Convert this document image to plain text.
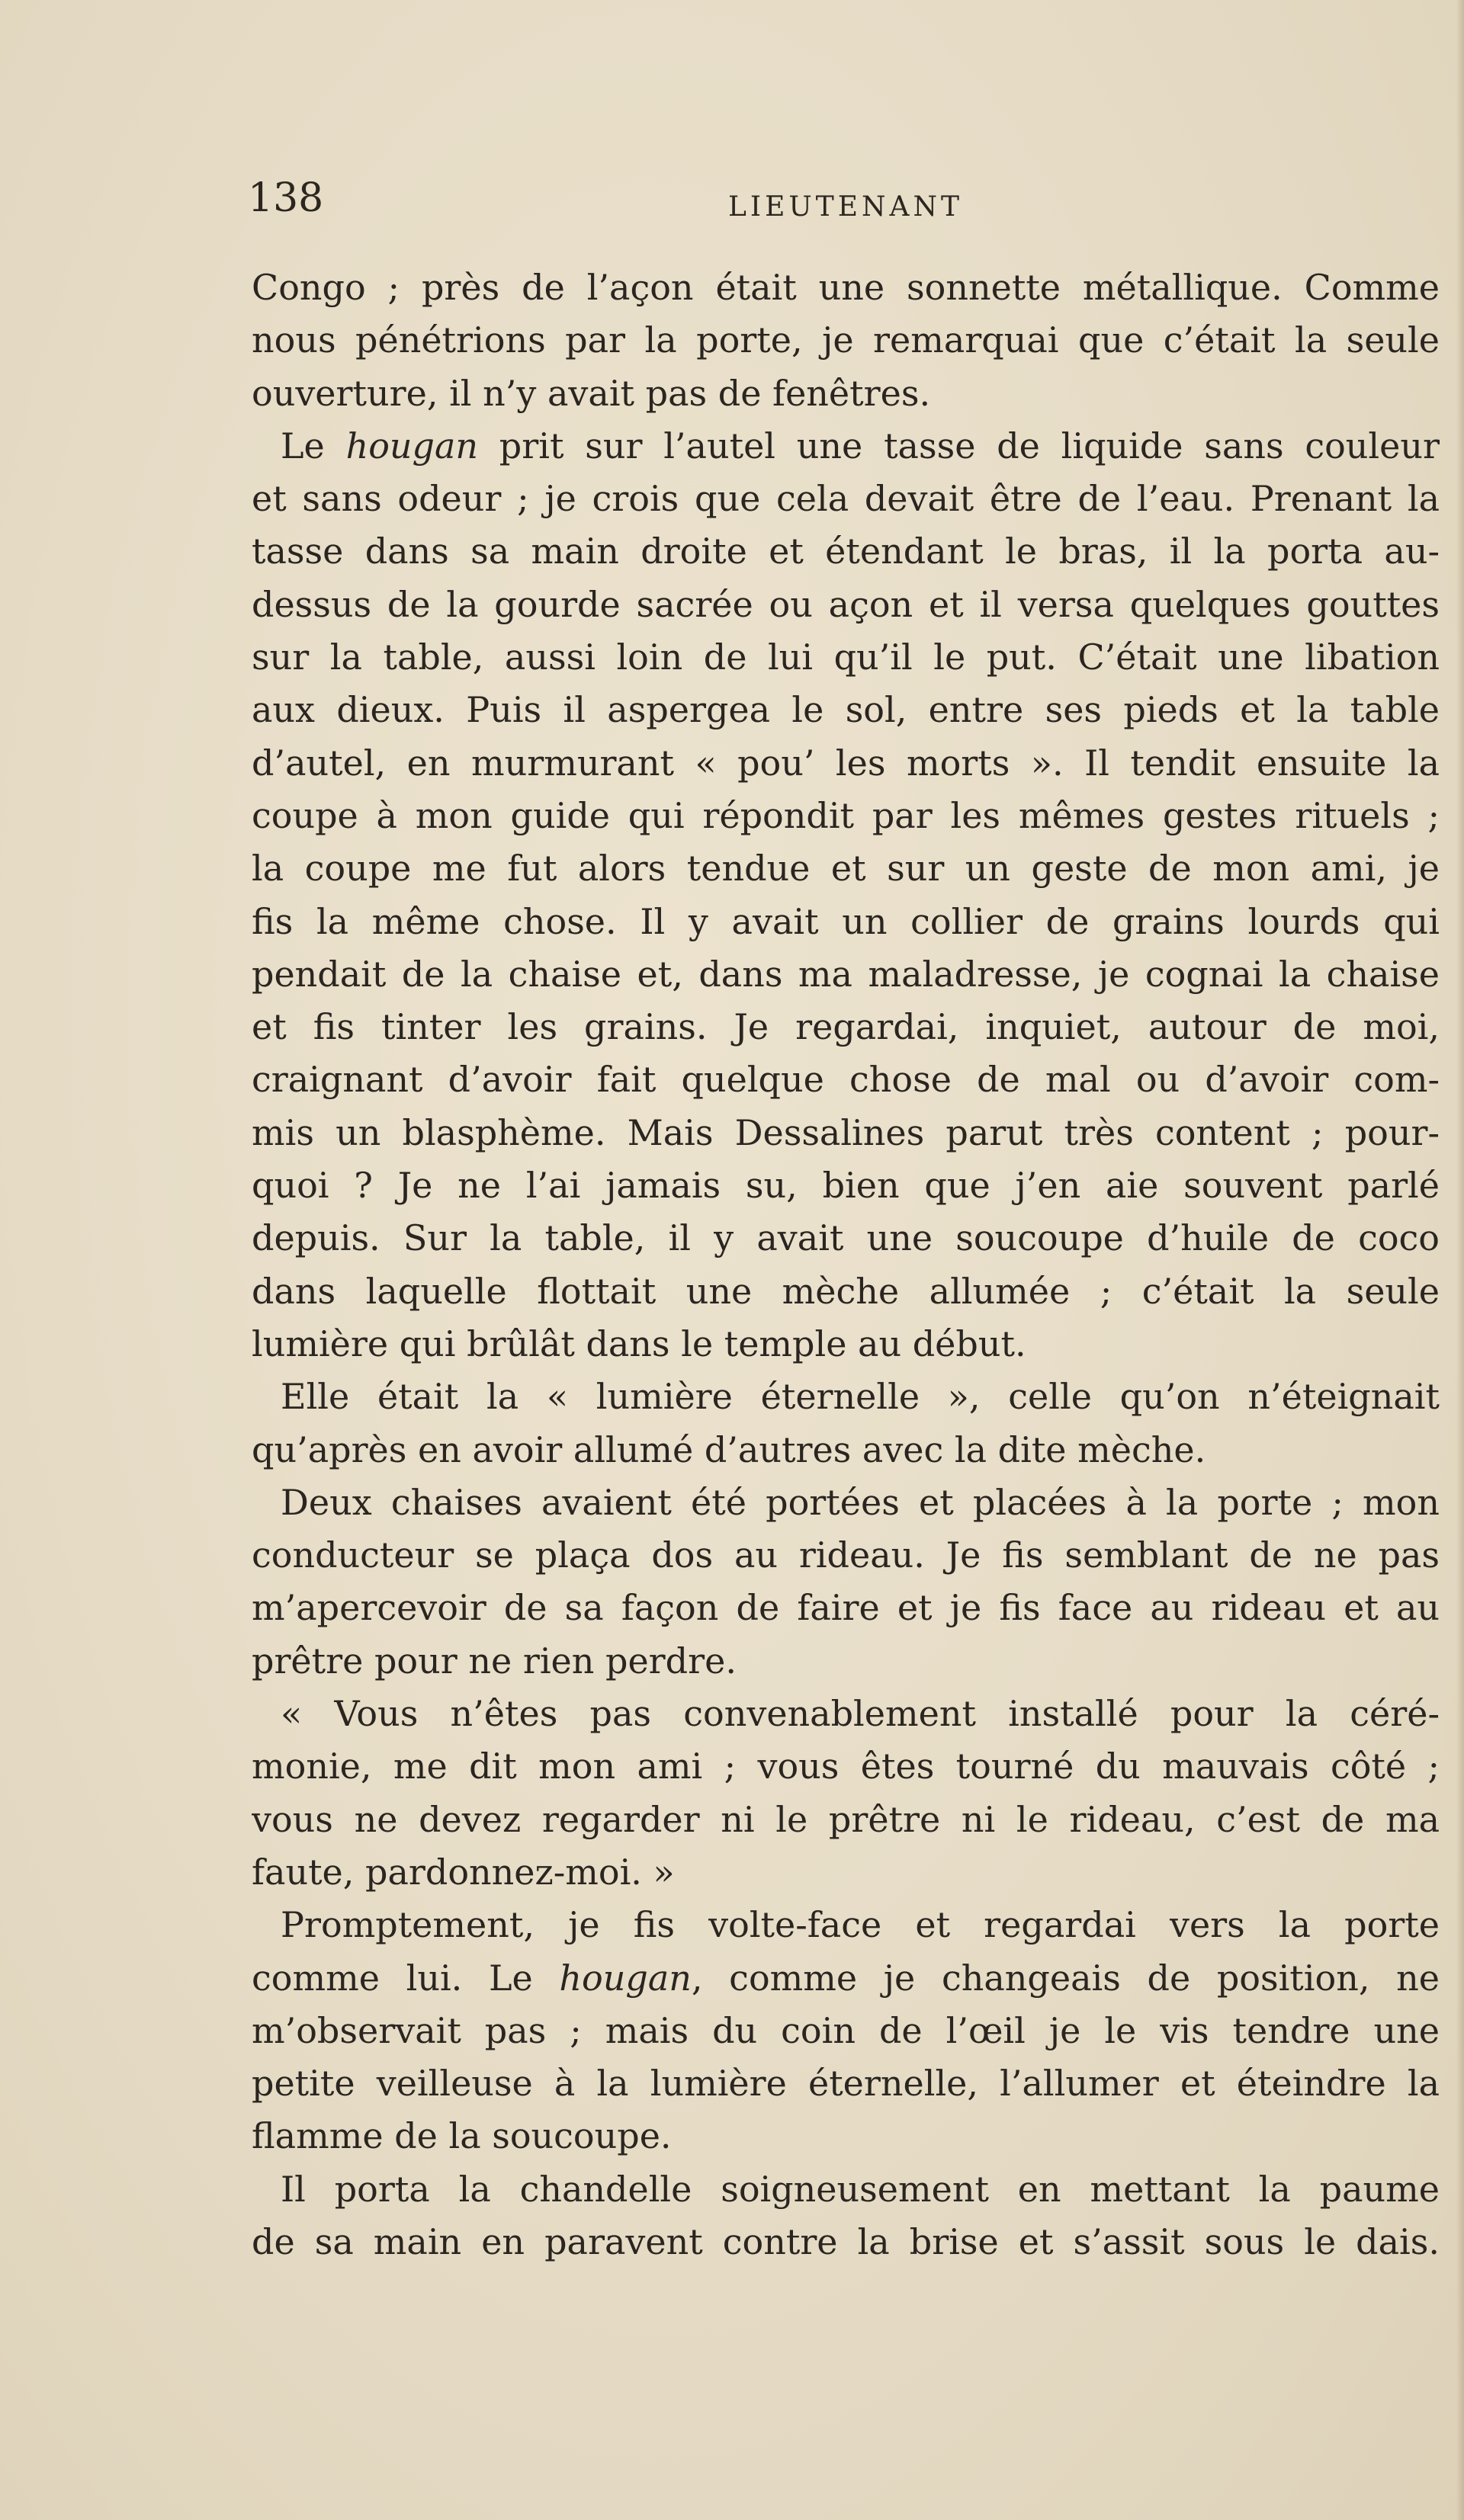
138	LIEUTENANT
Congo ; près de l’açon était une sonnette métallique. Comme
nous pénétrions par la porte, je remarquai que c’était la seule
ouverture, il n’y avait pas de fenêtres.
Le hougan prit sur l’autel une tasse de liquide sans couleur
et sans odeur ; je crois que cela devait être de l’eau. Prenant la
tasse dans sa main droite et étendant le bras, il la porta au-
dessus de la gourde sacrée ou açon et il versa quelques gouttes
sur la table, aussi loin de lui qu’il le put. C’était une libation
aux dieux. Puis il aspergea le sol, entre ses pieds et la table
d’autel, en murmurant « pou’ les morts ». Il tendit ensuite la
coupe à mon guide qui répondit par les mêmes gestes rituels ;
la coupe me fut alors tendue et sur un geste de mon ami, je
fis la même chose. Il y avait un collier de grains lourds qui
pendait de la chaise et, dans ma maladresse, je cognai la chaise
et fis tinter les grains. Je regardai, inquiet, autour de moi,
craignant d’avoir fait quelque chose de mal ou d’avoir com-
mis un blasphème. Mais Dessalines parut très content ; pour-
quoi ? Je ne l’ai jamais su, bien que j’en aie souvent parlé
depuis. Sur la table, il y avait une soucoupe d’huile de coco
dans laquelle flottait une mèche allumée ; c’était la seule
lumière qui brûlât dans le temple au début.
Elle était la « lumière éternelle », celle qu’on n’éteignait
qu’après en avoir allumé d’autres avec la dite mèche.
Deux chaises avaient été portées et placées à la porte ; mon
conducteur se plaça dos au rideau. Je fis semblant de ne pas
m’apercevoir de sa façon de faire et je fis face au rideau et au
prêtre pour ne rien perdre.
« Vous n’êtes pas convenablement installé pour la céré-
monie, me dit mon ami ; vous êtes tourné du mauvais côté ;
vous ne devez regarder ni le prêtre ni le rideau, c’est de ma
faute, pardonnez-moi. »
Promptement, je fis volte-face et regardai vers la porte
comme lui. Le hougan, comme je changeais de position, ne
m’observait pas ; mais du coin de l’œil je le vis tendre une
petite veilleuse à la lumière éternelle, l’allumer et éteindre la
flamme de la soucoupe.
Il porta la chandelle soigneusement en mettant la paume
de sa main en paravent contre la brise et s’assit sous le dais.
